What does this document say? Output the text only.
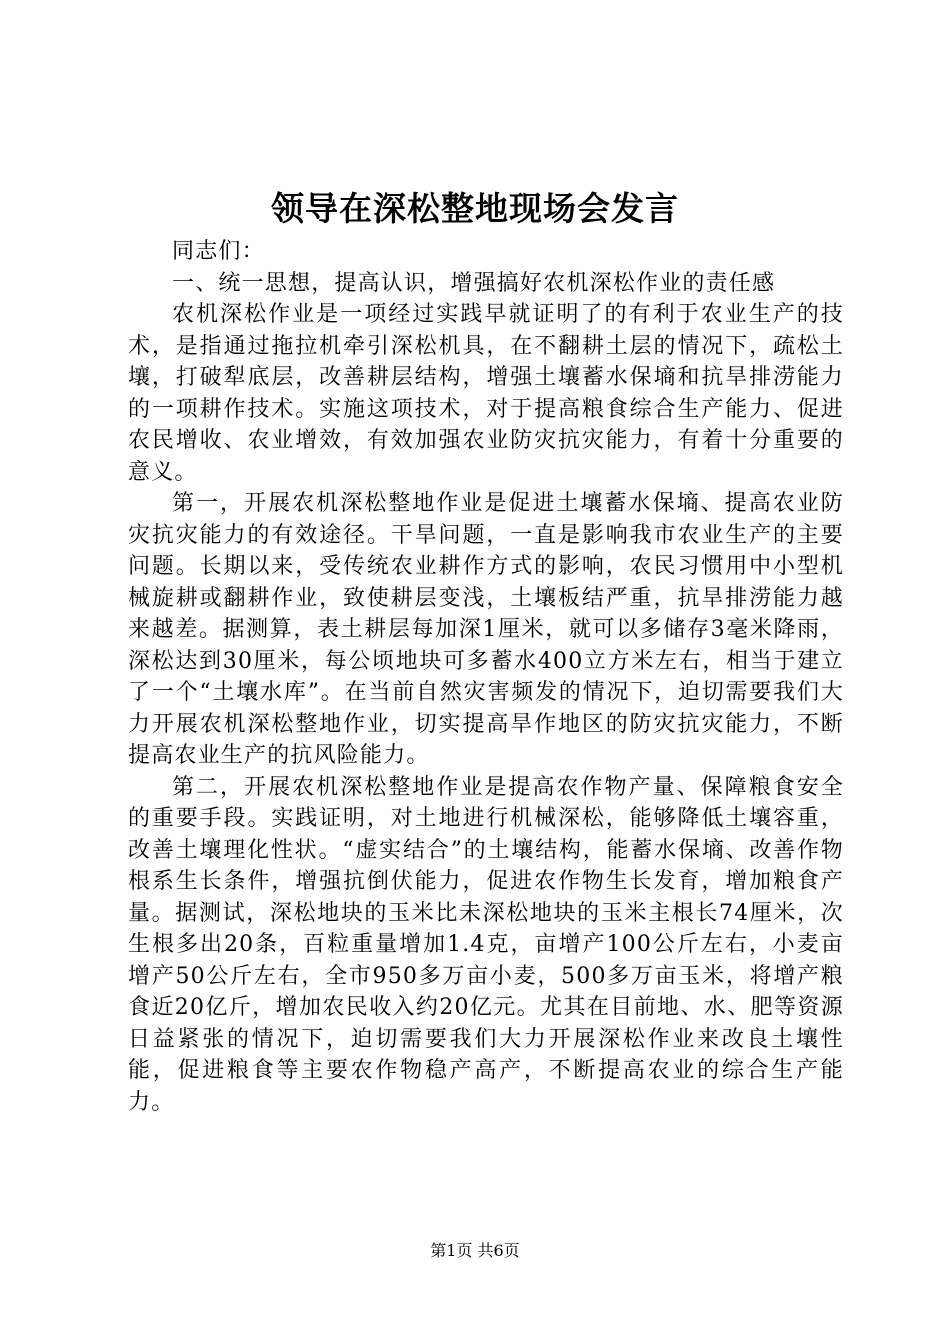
领导在深松整地现场会发言

同志们：

一、统一思想，提高认识，增强搞好农机深松作业的责任感

农机深松作业是一项经过实践早就证明了的有利于农业生产的技术，是指通过拖拉机牵引深松机具，在不翻耕土层的情况下，疏松土壤，打破犁底层，改善耕层结构，增强土壤蓄水保墒和抗旱排涝能力的一项耕作技术。实施这项技术，对于提高粮食综合生产能力、促进农民增收、农业增效，有效加强农业防灾抗灾能力，有着十分重要的意义。

第一，开展农机深松整地作业是促进土壤蓄水保墒、提高农业防灾抗灾能力的有效途径。干旱问题，一直是影响我市农业生产的主要问题。长期以来，受传统农业耕作方式的影响，农民习惯用中小型机械旋耕或翻耕作业，致使耕层变浅，土壤板结严重，抗旱排涝能力越来越差。据测算，表土耕层每加深1厘米，就可以多储存3毫米降雨，深松达到30厘米，每公顷地块可多蓄水400立方米左右，相当于建立了一个“土壤水库”。在当前自然灾害频发的情况下，迫切需要我们大力开展农机深松整地作业，切实提高旱作地区的防灾抗灾能力，不断提高农业生产的抗风险能力。

第二，开展农机深松整地作业是提高农作物产量、保障粮食安全的重要手段。实践证明，对土地进行机械深松，能够降低土壤容重，改善土壤理化性状。“虚实结合”的土壤结构，能蓄水保墒、改善作物根系生长条件，增强抗倒伏能力，促进农作物生长发育，增加粮食产量。据测试，深松地块的玉米比未深松地块的玉米主根长74厘米，次生根多出20条，百粒重量增加1.4克，亩增产100公斤左右，小麦亩增产50公斤左右，全市950多万亩小麦，500多万亩玉米，将增产粮食近20亿斤，增加农民收入约20亿元。尤其在目前地、水、肥等资源日益紧张的情况下，迫切需要我们大力开展深松作业来改良土壤性能，促进粮食等主要农作物稳产高产，不断提高农业的综合生产能力。

第1页 共6页
